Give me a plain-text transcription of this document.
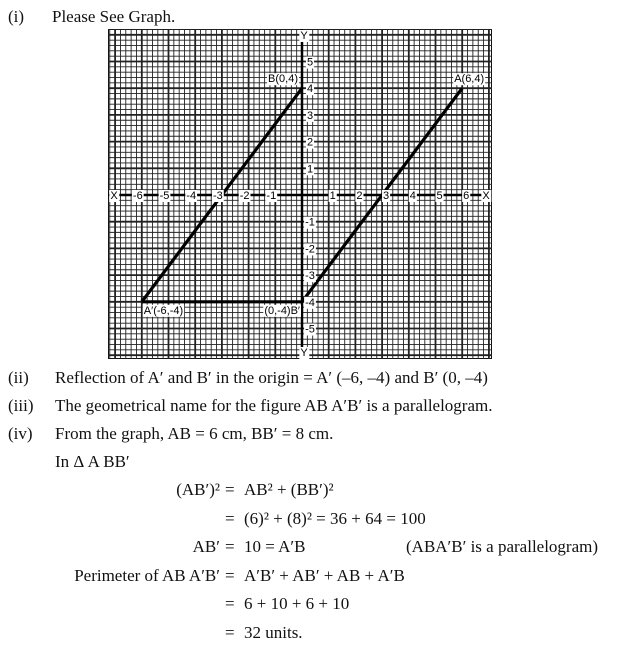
(i) Please See Graph.
-6 -5 -4 -3 -2 -1	1 2 3 4 5 6
-5
-4
-3
-2
-1
1
2
3
4
5
X	X
Y
Y
B(0,4)	A(6,4)
A′(-6,-4)	(0,-4)B′
(ii) Reflection of A′ and B′ in the origin = A′ (–6, –4) and B′ (0, –4)
(iii) The geometrical name for the figure AB A′B′ is a parallelogram.
(iv) From the graph, AB = 6 cm, BB′ = 8 cm.
In Δ A BB′
(AB′)² = AB² + (BB′)²
= (6)² + (8)² = 36 + 64 = 100
AB′ = 10 = A′B	(ABA′B′ is a parallelogram)
Perimeter of AB A′B′ = A′B′ + AB′ + AB + A′B
= 6 + 10 + 6 + 10
= 32 units.
